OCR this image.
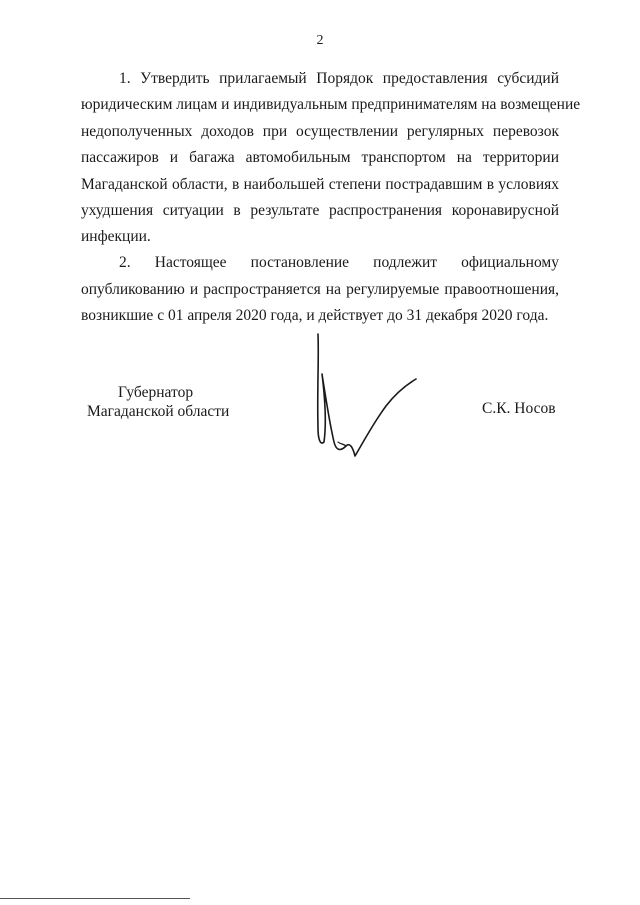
2
1. Утвердить прилагаемый Порядок предоставления субсидий
юридическим лицам и индивидуальным предпринимателям на возмещение
недополученных доходов при осуществлении регулярных перевозок
пассажиров и багажа автомобильным транспортом на территории
Магаданской области, в наибольшей степени пострадавшим в условиях
ухудшения ситуации в результате распространения коронавирусной
инфекции.
2. Настоящее постановление подлежит официальному
опубликованию и распространяется на регулируемые правоотношения,
возникшие с 01 апреля 2020 года, и действует до 31 декабря 2020 года.
Губернатор
Магаданской области	С.К. Носов
